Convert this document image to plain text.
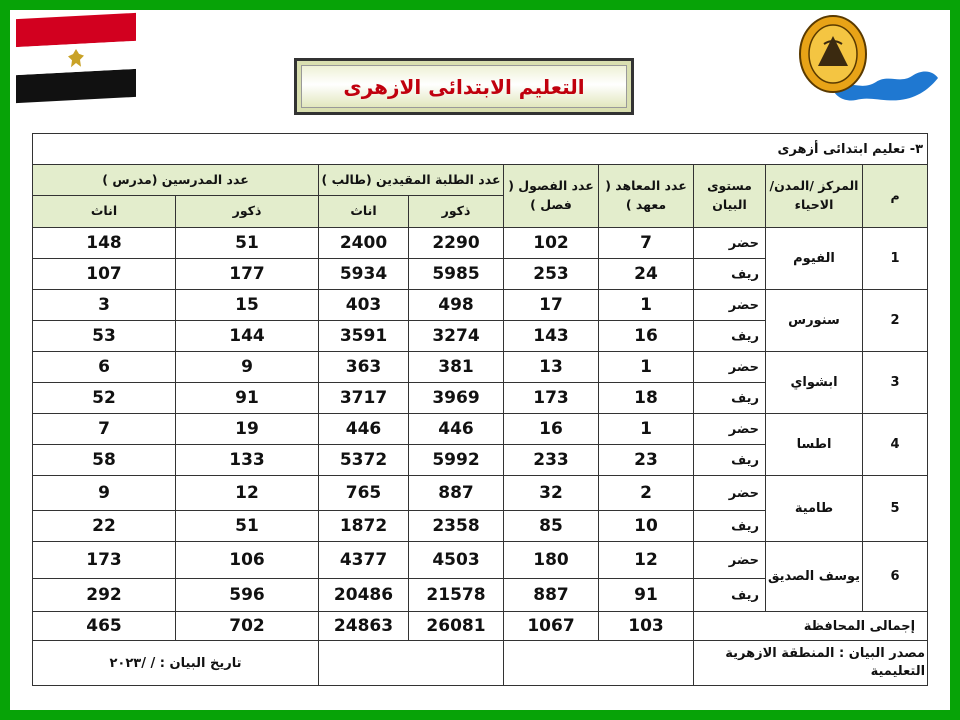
التعليم الابتدائى الازهرى
٣- تعليم ابتدائى أزهرى								
عدد المدرسين (مدرس )		عدد الطلبة المقيدين (طالب )		عدد الفصول ( فصل )	عدد المعاهد ( معهد )	مستوى البيان	المركز /المدن/الاحياء	م
اناث	ذكور	اناث	ذكور					
148	51	2400	2290	102	7	حضر	الفيوم	1
107	177	5934	5985	253	24	ريف		
3	15	403	498	17	1	حضر	سنورس	2
53	144	3591	3274	143	16	ريف		
6	9	363	381	13	1	حضر	ابشواي	3
52	91	3717	3969	173	18	ريف		
7	19	446	446	16	1	حضر	اطسا	4
58	133	5372	5992	233	23	ريف		
9	12	765	887	32	2	حضر	طامية	5
22	51	1872	2358	85	10	ريف		
173	106	4377	4503	180	12	حضر	يوسف الصديق	6
292	596	20486	21578	887	91	ريف		
465	702	24863	26081	1067	103	إجمالى المحافظة		
تاريخ البيان : / /٢٠٢٣						مصدر البيان : المنطقة الازهرية التعليمية		
